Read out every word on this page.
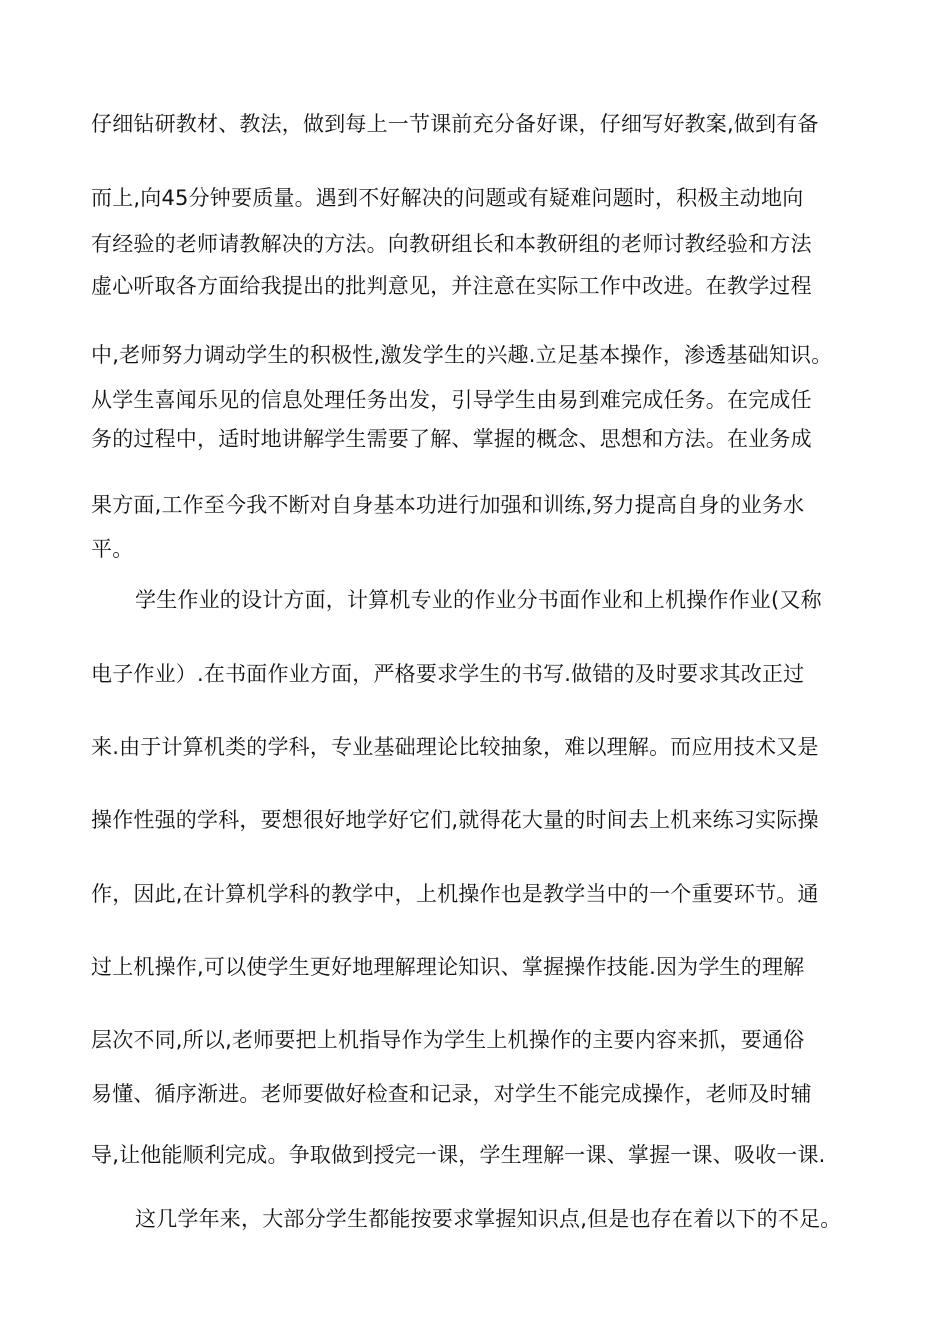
仔细钻研教材、教法，做到每上一节课前充分备好课，仔细写好教案,做到有备
而上,向45分钟要质量。遇到不好解决的问题或有疑难问题时，积极主动地向
有经验的老师请教解决的方法。向教研组长和本教研组的老师讨教经验和方法
虚心听取各方面给我提出的批判意见，并注意在实际工作中改进。在教学过程
中,老师努力调动学生的积极性,激发学生的兴趣.立足基本操作，渗透基础知识。
从学生喜闻乐见的信息处理任务出发，引导学生由易到难完成任务。在完成任
务的过程中，适时地讲解学生需要了解、掌握的概念、思想和方法。在业务成
果方面,工作至今我不断对自身基本功进行加强和训练,努力提高自身的业务水
平。
学生作业的设计方面，计算机专业的作业分书面作业和上机操作作业(又称
电子作业）.在书面作业方面，严格要求学生的书写.做错的及时要求其改正过
来.由于计算机类的学科，专业基础理论比较抽象，难以理解。而应用技术又是
操作性强的学科，要想很好地学好它们,就得花大量的时间去上机来练习实际操
作，因此,在计算机学科的教学中，上机操作也是教学当中的一个重要环节。通
过上机操作,可以使学生更好地理解理论知识、掌握操作技能.因为学生的理解
层次不同,所以,老师要把上机指导作为学生上机操作的主要内容来抓，要通俗
易懂、循序渐进。老师要做好检查和记录，对学生不能完成操作，老师及时辅
导,让他能顺利完成。争取做到授完一课，学生理解一课、掌握一课、吸收一课.
这几学年来，大部分学生都能按要求掌握知识点,但是也存在着以下的不足。
